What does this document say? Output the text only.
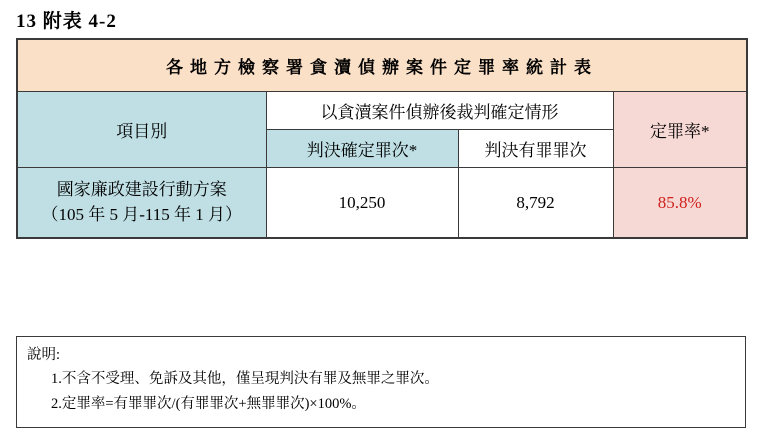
13 附表 4-2
各地方檢察署貪瀆偵辦案件定罪率統計表			
項目別	以貪瀆案件偵辦後裁判確定情形		定罪率*
	判決確定罪次*	判決有罪罪次	

國家廉政建設行動方案
（105 年 5 月-115 年 1 月）	10,250	8,792	85.8%
說明:
1.不含不受理、免訴及其他，僅呈現判決有罪及無罪之罪次。
2.定罪率=有罪罪次/(有罪罪次+無罪罪次)×100%。
